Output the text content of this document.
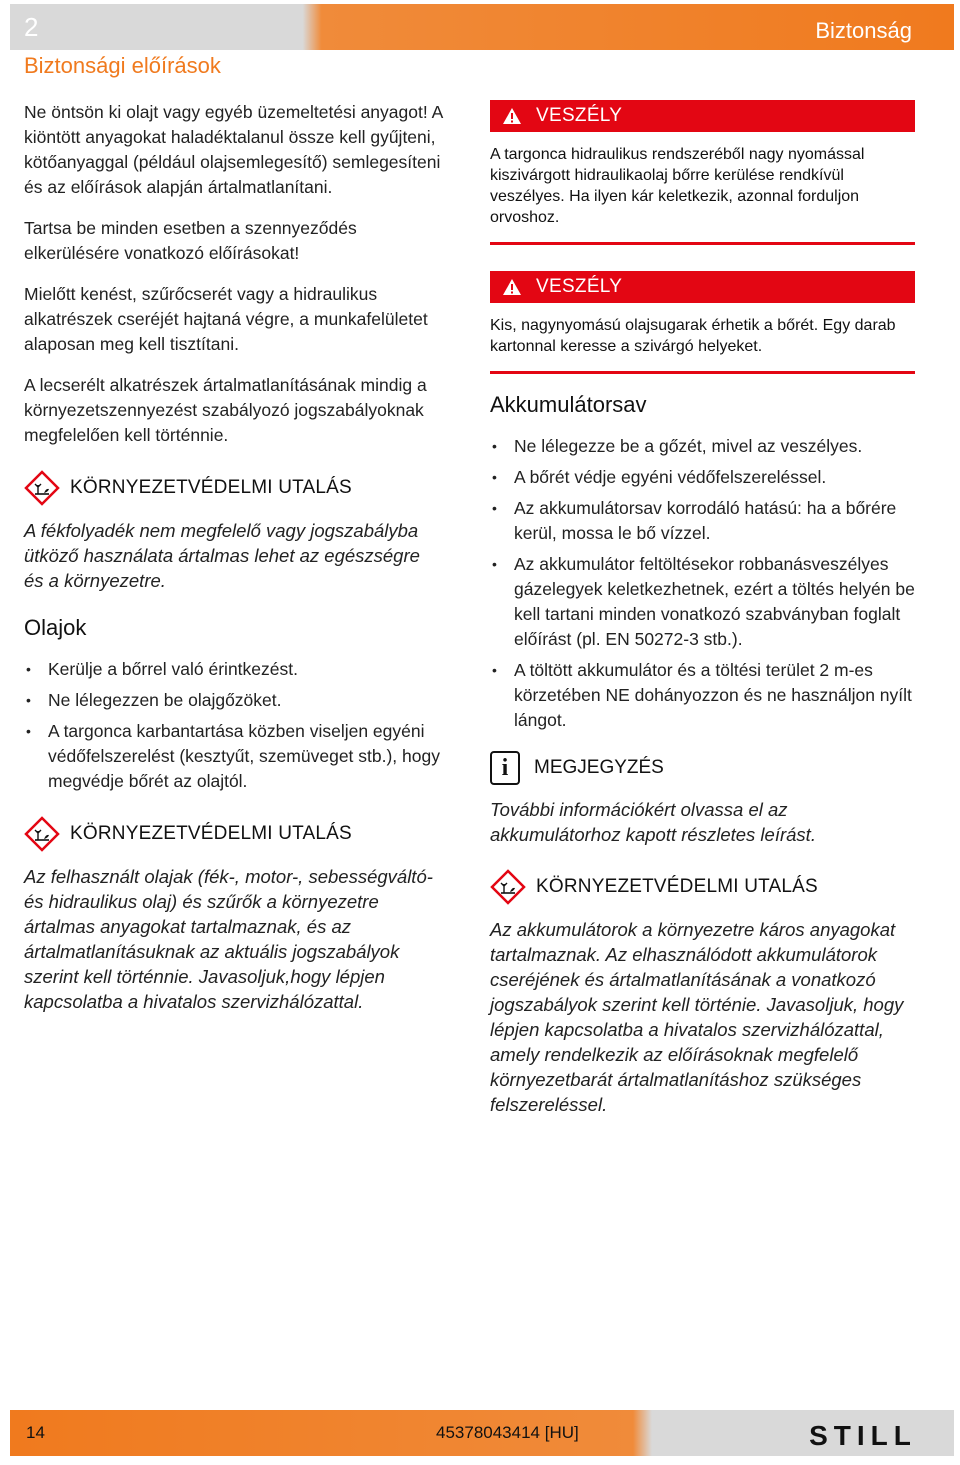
2	Biztonság
Biztonsági előírások

Ne öntsön ki olajt vagy egyéb üzemeltetési anyagot! A kiöntött anyagokat haladéktalanul össze kell gyűjteni, kötőanyaggal (például olajsemlegesítő) semlegesíteni és az előírások alapján ártalmatlanítani.

Tartsa be minden esetben a szennyeződés elkerülésére vonatkozó előírásokat!

Mielőtt kenést, szűrőcserét vagy a hidraulikus alkatrészek cseréjét hajtaná végre, a munkafelületet alaposan meg kell tisztítani.

A lecserélt alkatrészek ártalmatlanításának mindig a környezetszennyezést szabályozó jogszabályoknak megfelelően kell történnie.

KÖRNYEZETVÉDELMI UTALÁS

A fékfolyadék nem megfelelő vagy jogszabályba ütköző használata ártalmas lehet az egészségre és a környezetre.

Olajok
• Kerülje a bőrrel való érintkezést.
• Ne lélegezzen be olajgőzöket.
• A targonca karbantartása közben viseljen egyéni védőfelszerelést (kesztyűt, szemüveget stb.), hogy megvédje bőrét az olajtól.
KÖRNYEZETVÉDELMI UTALÁS

Az felhasznált olajak (fék-, motor-, sebességváltó- és hidraulikus olaj) és szűrők a környezetre ártalmas anyagokat tartalmaznak, és az ártalmatlanításuknak az aktuális jogszabályok szerint kell történnie. Javasoljuk,hogy lépjen kapcsolatba a hivatalos szervizhálózattal.

VESZÉLY

A targonca hidraulikus rendszeréből nagy nyomással kiszivárgott hidraulikaolaj bőrre kerülése rendkívül veszélyes. Ha ilyen kár keletkezik, azonnal forduljon orvoshoz.

VESZÉLY

Kis, nagynyomású olajsugarak érhetik a bőrét. Egy darab kartonnal keresse a szivárgó helyeket.

Akkumulátorsav
• Ne lélegezze be a gőzét, mivel az veszélyes.
• A bőrét védje egyéni védőfelszereléssel.
• Az akkumulátorsav korrodáló hatású: ha a bőrére kerül, mossa le bő vízzel.
• Az akkumulátor feltöltésekor robbanásveszélyes gázelegyek keletkezhetnek, ezért a töltés helyén be kell tartani minden vonatkozó szabványban foglalt előírást (pl. EN 50272-3 stb.).
• A töltött akkumulátor és a töltési terület 2 m-es körzetében NE dohányozzon és ne használjon nyílt lángot.
i	MEGJEGYZÉS

További információkért olvassa el az akkumulátorhoz kapott részletes leírást.

KÖRNYEZETVÉDELMI UTALÁS

Az akkumulátorok a környezetre káros anyagokat tartalmaznak. Az elhasználódott akkumulátorok cseréjének és ártalmatlanításának a vonatkozó jogszabályok szerint kell történie. Javasoljuk, hogy lépjen kapcsolatba a hivatalos szervizhálózattal, amely rendelkezik az előírásoknak megfelelő környezetbarát ártalmatlanításhoz szükséges felszereléssel.

14	45378043414 [HU]	STILL
